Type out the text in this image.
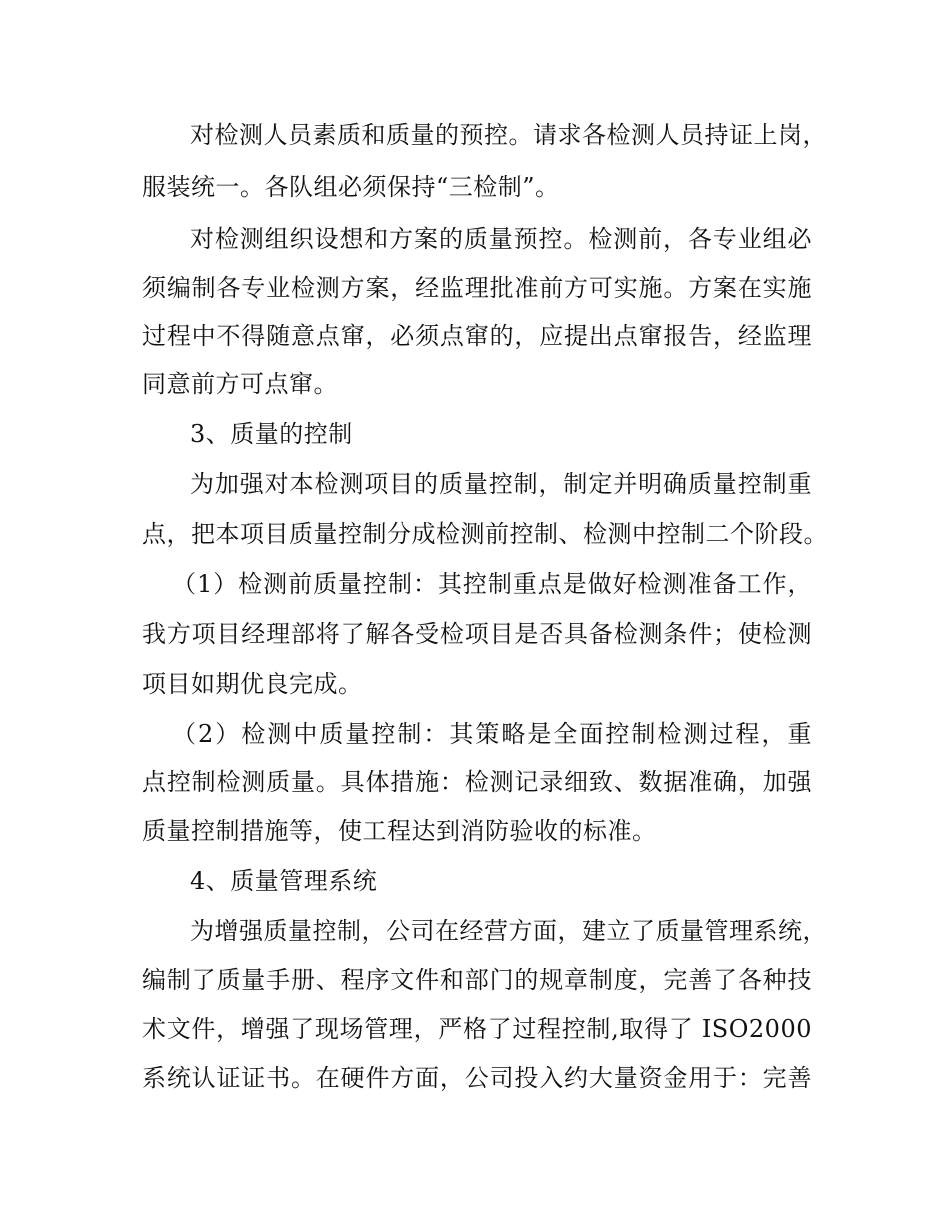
对检测人员素质和质量的预控。请求各检测人员持证上岗，
服装统一。各队组必须保持“三检制”。
对检测组织设想和方案的质量预控。检测前，各专业组必
须编制各专业检测方案，经监理批准前方可实施。方案在实施
过程中不得随意点窜，必须点窜的，应提出点窜报告，经监理
同意前方可点窜。
3、质量的控制
为加强对本检测项目的质量控制，制定并明确质量控制重
点，把本项目质量控制分成检测前控制、检测中控制二个阶段。
（1）检测前质量控制：其控制重点是做好检测准备工作，
我方项目经理部将了解各受检项目是否具备检测条件；使检测
项目如期优良完成。
（2）检测中质量控制：其策略是全面控制检测过程，重
点控制检测质量。具体措施：检测记录细致、数据准确，加强
质量控制措施等，使工程达到消防验收的标准。
4、质量管理系统
为增强质量控制，公司在经营方面，建立了质量管理系统，
编制了质量手册、程序文件和部门的规章制度，完善了各种技
术文件，增强了现场管理，严格了过程控制,取得了 ISO2000
系统认证证书。在硬件方面，公司投入约大量资金用于：完善
